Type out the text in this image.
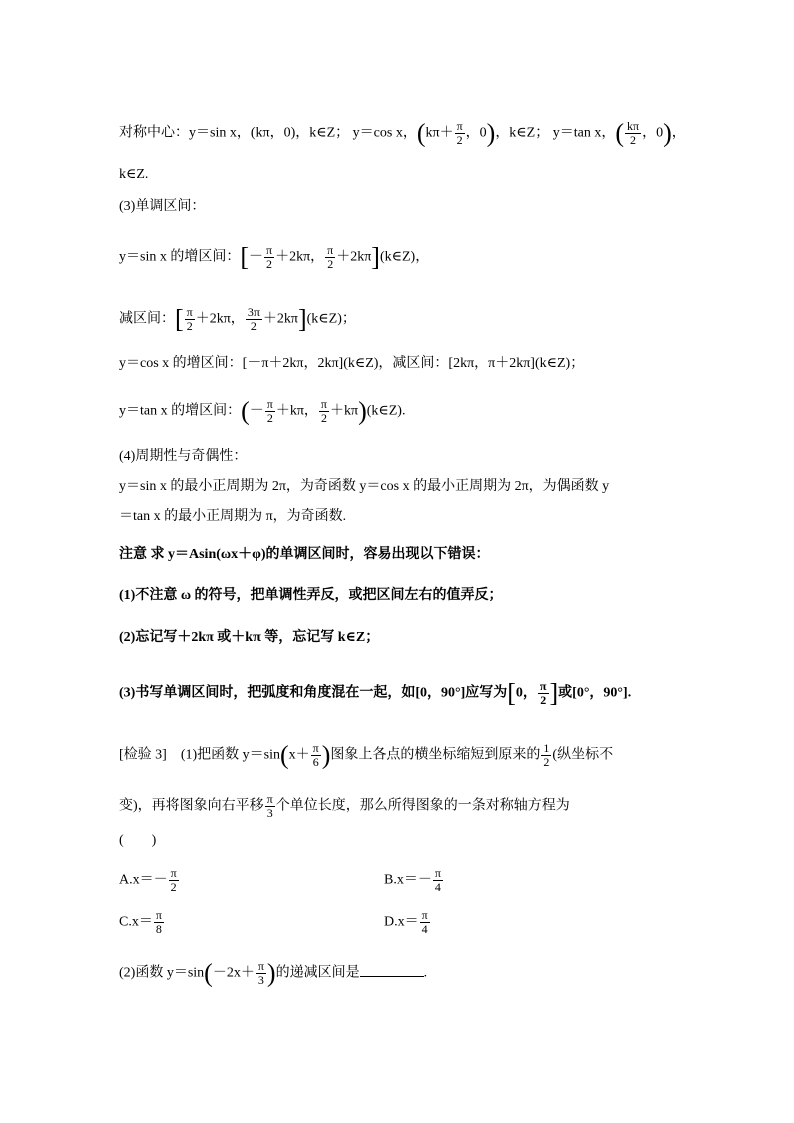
对称中心：y＝sin x，(kπ，0)，k∈Z； y＝cos x，($k\pi+ \frac{\pi}{2}$ ，0)，k∈Z； y＝tan x，( $\frac{k\pi}{2}$ ，0)，
k∈Z.
(3)单调区间：
y＝sin x 的增区间：[－ $\frac{\pi}{2} +2k\pi$， $\frac{\pi}{2}$ ＋2kπ](k∈Z)，
减区间：[ $\frac{\pi}{2} +2k\pi$， $\frac{3\pi}{2}$ ＋2kπ](k∈Z)；
y＝cos x 的增区间：[－π＋2kπ，2kπ](k∈Z)，减区间：[2kπ，π＋2kπ](k∈Z)；
y＝tan x 的增区间：(－ $\frac{\pi}{2} +k\pi$， $\frac{\pi}{2}$ ＋kπ)(k∈Z).
(4)周期性与奇偶性：
y＝sin x 的最小正周期为 2π，为奇函数 y＝cos x 的最小正周期为 2π，为偶函数 y
＝tan x 的最小正周期为 π，为奇函数.
注意 求 y＝Asin(ωx＋φ)的单调区间时，容易出现以下错误：
(1)不注意 ω 的符号，把单调性弄反，或把区间左右的值弄反；
(2)忘记写＋2kπ 或＋kπ 等，忘记写 k∈Z；
(3)书写单调区间时，把弧度和角度混在一起，如[0，90°]应写为[0， $\frac{\pi}{2}$ ]或[0°，90°].
[检验 3]　(1)把函数 $y=\sin(x+ \frac{\pi}{6}$ )图象上各点的横坐标缩短到原来的 $\frac{1}{2}$ (纵坐标不
变)，再将图象向右平移 $\frac{\pi}{3}$ 个单位长度，那么所得图象的一条对称轴方程为
(　　)
$A.x=- \frac{\pi}{2}$	$B.x=- \frac{\pi}{4}$
$C.x= \frac{\pi}{8}$	$D.x= \frac{\pi}{4}$
(2)函数 $y=\sin(-2x+ \frac{\pi}{3}$ )的递减区间是	.
